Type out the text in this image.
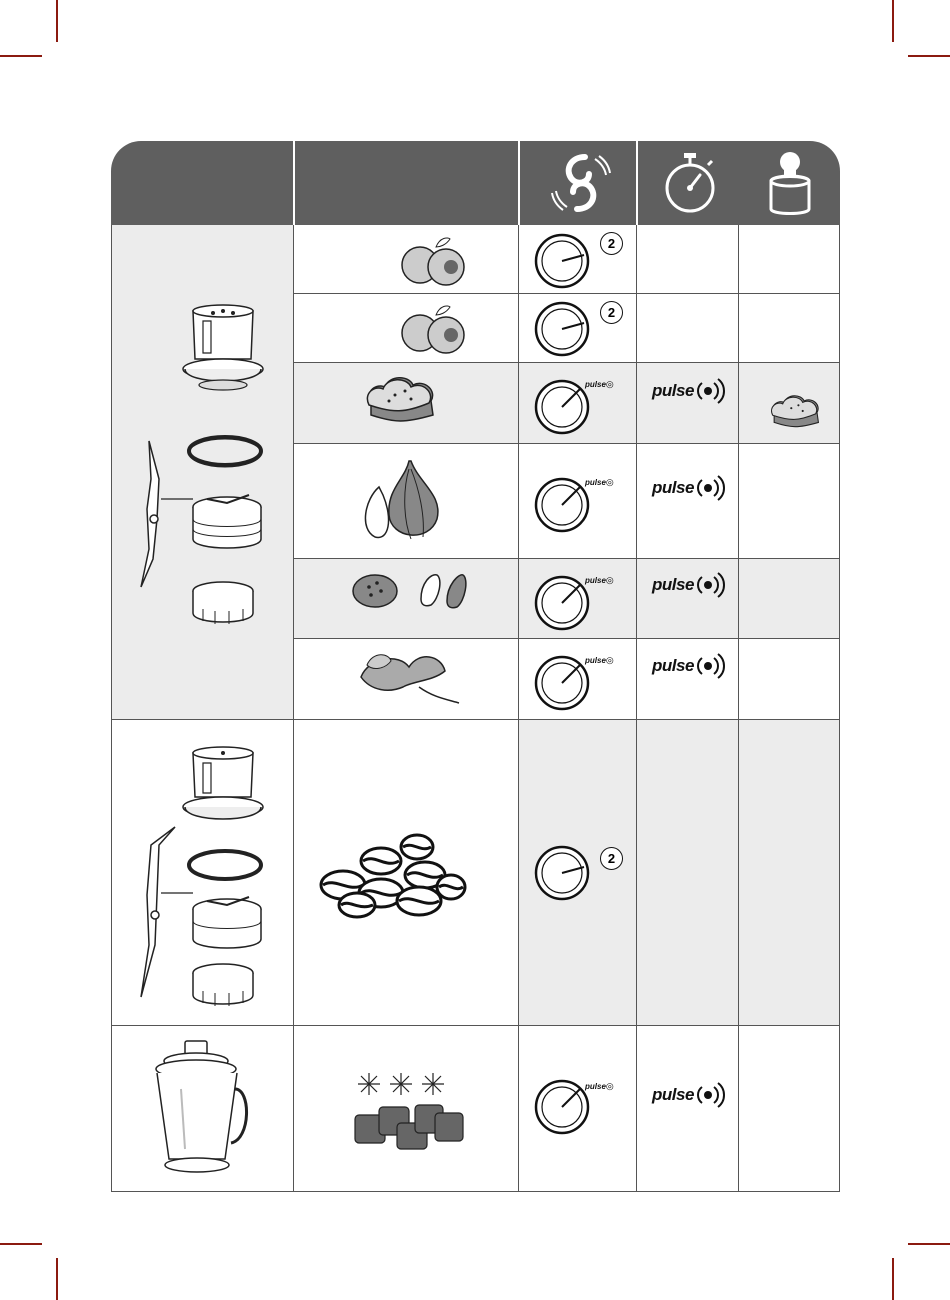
2
2
pulse ◎
pulse ◎
pulse ◎
pulse ◎
2
pulse ◎
pulse
pulse
pulse
pulse
pulse
